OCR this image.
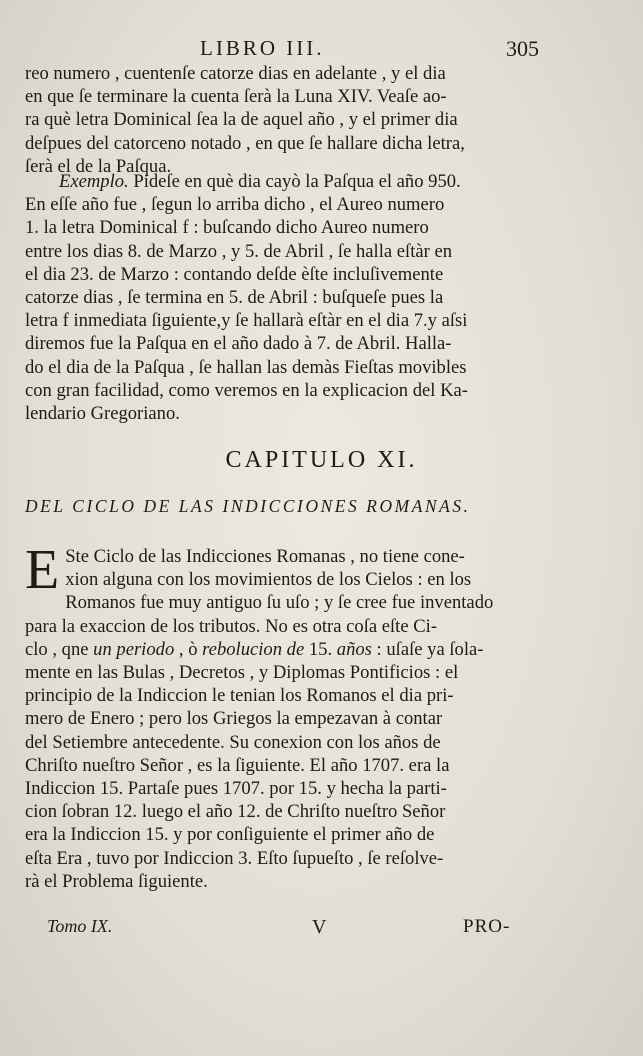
LIBRO III.	305
reo numero , cuentenſe catorze dias en adelante , y el dia
en que ſe terminare la cuenta ſerà la Luna XIV. Veaſe ao-
ra què letra Dominical ſea la de aquel año , y el primer dia
deſpues del catorceno notado , en que ſe hallare dicha letra,
ſerà el de la Paſqua.
Exemplo. Pideſe en què dia cayò la Paſqua el año 950.
En eſſe año fue , ſegun lo arriba dicho , el Aureo numero
1. la letra Dominical f : buſcando dicho Aureo numero
entre los dias 8. de Marzo , y 5. de Abril , ſe halla eſtàr en
el dia 23. de Marzo : contando deſde èſte incluſivemente
catorze dias , ſe termina en 5. de Abril : buſqueſe pues la
letra f inmediata ſiguiente,y ſe hallarà eſtàr en el dia 7.y aſsi
diremos fue la Paſqua en el año dado à 7. de Abril. Halla-
do el dia de la Paſqua , ſe hallan las demàs Fieſtas movibles
con gran facilidad, como veremos en la explicacion del Ka-
lendario Gregoriano.
CAPITULO XI.
DEL CICLO DE LAS INDICCIONES ROMANAS.
E Ste Ciclo de las Indicciones Romanas , no tiene cone-
xion alguna con los movimientos de los Cielos : en los
Romanos fue muy antiguo ſu uſo ; y ſe cree fue inventado
para la exaccion de los tributos. No es otra coſa eſte Ci-
clo , qne un periodo , ò rebolucion de 15. años : uſaſe ya ſola-
mente en las Bulas , Decretos , y Diplomas Pontificios : el
principio de la Indiccion le tenian los Romanos el dia pri-
mero de Enero ; pero los Griegos la empezavan à contar
del Setiembre antecedente. Su conexion con los años de
Chriſto nueſtro Señor , es la ſiguiente. El año 1707. era la
Indiccion 15. Partaſe pues 1707. por 15. y hecha la parti-
cion ſobran 12. luego el año 12. de Chriſto nueſtro Señor
era la Indiccion 15. y por conſiguiente el primer año de
eſta Era , tuvo por Indiccion 3. Eſto ſupueſto , ſe reſolve-
rà el Problema ſiguiente.
Tomo IX.	V	PRO-
